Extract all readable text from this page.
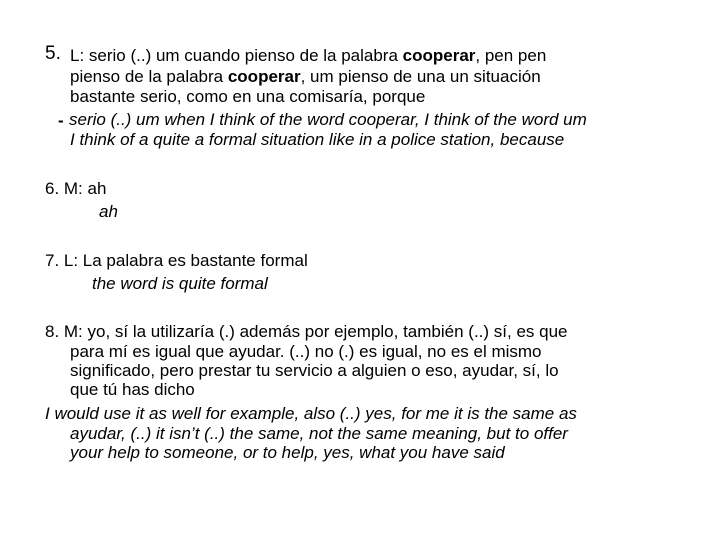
5. L: serio (..) um cuando pienso de la palabra cooperar, pen pen
pienso de la palabra cooperar, um pienso de una un situación
bastante serio, como en una comisaría, porque
- serio (..) um when I think of the word cooperar, I think of the word um
I think of a quite a formal situation like in a police station, because
6. M: ah
ah
7. L: La palabra es bastante formal
the word is quite formal
8. M: yo, sí la utilizaría (.) además por ejemplo, también (..) sí, es que
para mí es igual que ayudar. (..) no (.) es igual, no es el mismo
significado, pero prestar tu servicio a alguien o eso, ayudar, sí, lo
que tú has dicho
I would use it as well for example, also (..) yes, for me it is the same as
ayudar, (..) it isn’t (..) the same, not the same meaning, but to offer
your help to someone, or to help, yes, what you have said
